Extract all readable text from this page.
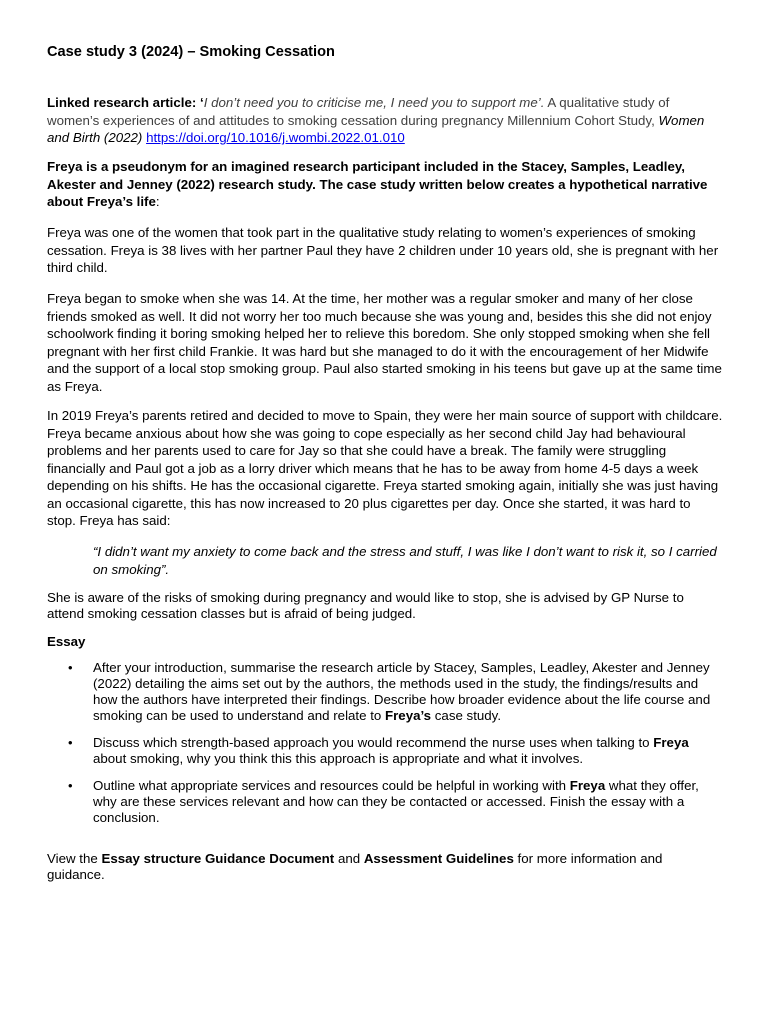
Case study 3 (2024) – Smoking Cessation

Linked research article: ‘I don’t need you to criticise me, I need you to support me’. A qualitative study of women’s experiences of and attitudes to smoking cessation during pregnancy Millennium Cohort Study, Women and Birth (2022) https://doi.org/10.1016/j.wombi.2022.01.010

Freya is a pseudonym for an imagined research participant included in the Stacey, Samples, Leadley, Akester and Jenney (2022) research study. The case study written below creates a hypothetical narrative about Freya’s life:

Freya was one of the women that took part in the qualitative study relating to women’s experiences of smoking cessation. Freya is 38 lives with her partner Paul they have 2 children under 10 years old, she is pregnant with her third child.

Freya began to smoke when she was 14. At the time, her mother was a regular smoker and many of her close friends smoked as well. It did not worry her too much because she was young and, besides this she did not enjoy schoolwork finding it boring smoking helped her to relieve this boredom. She only stopped smoking when she fell pregnant with her first child Frankie. It was hard but she managed to do it with the encouragement of her Midwife and the support of a local stop smoking group. Paul also started smoking in his teens but gave up at the same time as Freya.

In 2019 Freya’s parents retired and decided to move to Spain, they were her main source of support with childcare. Freya became anxious about how she was going to cope especially as her second child Jay had behavioural problems and her parents used to care for Jay so that she could have a break. The family were struggling financially and Paul got a job as a lorry driver which means that he has to be away from home 4-5 days a week depending on his shifts. He has the occasional cigarette. Freya started smoking again, initially she was just having an occasional cigarette, this has now increased to 20 plus cigarettes per day. Once she started, it was hard to stop. Freya has said:

“I didn’t want my anxiety to come back and the stress and stuff, I was like I don’t want to risk it, so I carried on smoking”.

She is aware of the risks of smoking during pregnancy and would like to stop, she is advised by GP Nurse to attend smoking cessation classes but is afraid of being judged.

Essay

• After your introduction, summarise the research article by Stacey, Samples, Leadley, Akester and Jenney (2022) detailing the aims set out by the authors, the methods used in the study, the findings/results and how the authors have interpreted their findings. Describe how broader evidence about the life course and smoking can be used to understand and relate to Freya’s case study.
• Discuss which strength-based approach you would recommend the nurse uses when talking to Freya about smoking, why you think this this approach is appropriate and what it involves.
• Outline what appropriate services and resources could be helpful in working with Freya what they offer, why are these services relevant and how can they be contacted or accessed. Finish the essay with a conclusion.

View the Essay structure Guidance Document and Assessment Guidelines for more information and guidance.
